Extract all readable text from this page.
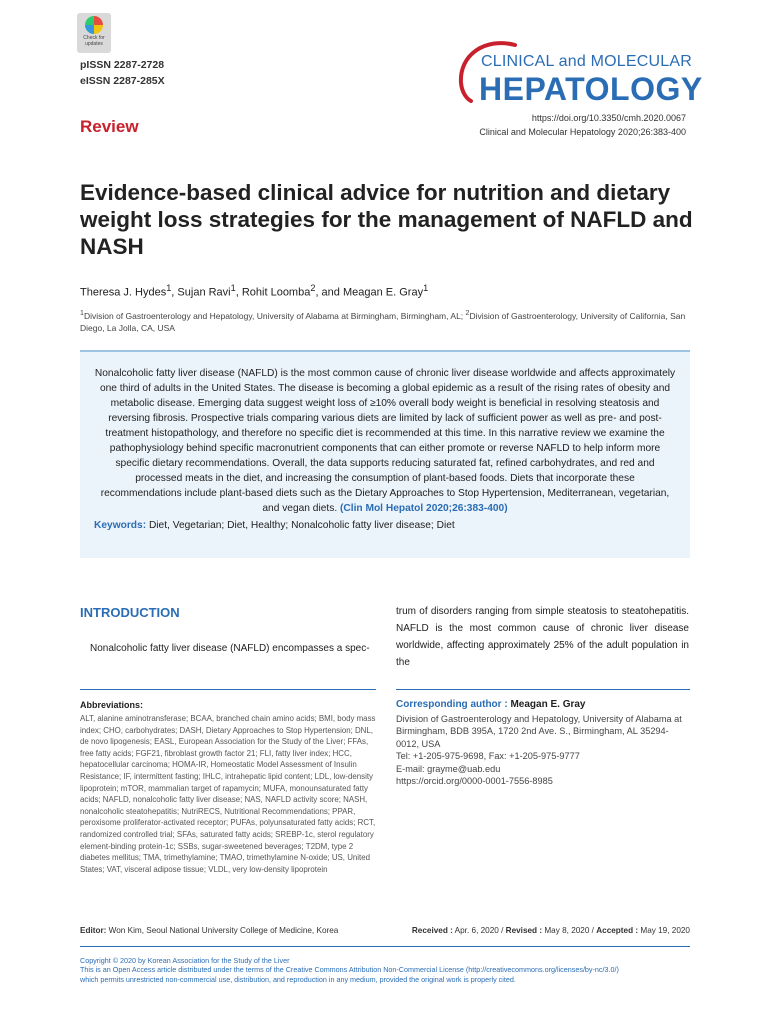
Check for
updates
pISSN 2287-2728
eISSN 2287-285X
Review
CLINICAL and MOLECULAR
HEPATOLOGY
https://doi.org/10.3350/cmh.2020.0067
Clinical and Molecular Hepatology 2020;26:383-400
Evidence-based clinical advice for nutrition and dietary weight loss strategies for the management of NAFLD and NASH
Theresa J. Hydes$^1$, Sujan Ravi$^1$, Rohit Loomba$^2$, and Meagan E. Gray$^1$
$^1$Division of Gastroenterology and Hepatology, University of Alabama at Birmingham, Birmingham, AL; $^2$Division of Gastroenterology, University of California, San Diego, La Jolla, CA, USA
Nonalcoholic fatty liver disease (NAFLD) is the most common cause of chronic liver disease worldwide and affects approximately one third of adults in the United States. The disease is becoming a global epidemic as a result of the rising rates of obesity and metabolic disease. Emerging data suggest weight loss of ≥10% overall body weight is beneficial in resolving steatosis and reversing fibrosis. Prospective trials comparing various diets are limited by lack of sufficient power as well as pre- and post-treatment histopathology, and therefore no specific diet is recommended at this time. In this narrative review we examine the pathophysiology behind specific macronutrient components that can either promote or reverse NAFLD to help inform more specific dietary recommendations. Overall, the data supports reducing saturated fat, refined carbohydrates, and red and processed meats in the diet, and increasing the consumption of plant-based foods. Diets that incorporate these recommendations include plant-based diets such as the Dietary Approaches to Stop Hypertension, Mediterranean, vegetarian, and vegan diets. (Clin Mol Hepatol 2020;26:383-400)
Keywords: Diet, Vegetarian; Diet, Healthy; Nonalcoholic fatty liver disease; Diet
INTRODUCTION
Nonalcoholic fatty liver disease (NAFLD) encompasses a spec-
trum of disorders ranging from simple steatosis to steatohepatitis. NAFLD is the most common cause of chronic liver disease worldwide, affecting approximately 25% of the adult population in the
Abbreviations:
ALT, alanine aminotransferase; BCAA, branched chain amino acids; BMI, body mass index; CHO, carbohydrates; DASH, Dietary Approaches to Stop Hypertension; DNL, de novo lipogenesis; EASL, European Association for the Study of the Liver; FFAs, free fatty acids; FGF21, fibroblast growth factor 21; FLI, fatty liver index; HCC, hepatocellular carcinoma; HOMA-IR, Homeostatic Model Assessment of Insulin Resistance; IF, intermittent fasting; IHLC, intrahepatic lipid content; LDL, low-density lipoprotein; mTOR, mammalian target of rapamycin; MUFA, monounsaturated fatty acids; NAFLD, nonalcoholic fatty liver disease; NAS, NAFLD activity score; NASH, nonalcoholic steatohepatitis; NutriRECS, Nutritional Recommendations; PPAR, peroxisome proliferator-activated receptor; PUFAs, polyunsaturated fatty acids; RCT, randomized controlled trial; SFAs, saturated fatty acids; SREBP-1c, sterol regulatory element-binding protein-1c; SSBs, sugar-sweetened beverages; T2DM, type 2 diabetes mellitus; TMA, trimethylamine; TMAO, trimethylamine N-oxide; US, United States; VAT, visceral adipose tissue; VLDL, very low-density lipoprotein
Corresponding author : Meagan E. Gray
Division of Gastroenterology and Hepatology, University of Alabama at Birmingham, BDB 395A, 1720 2nd Ave. S., Birmingham, AL 35294-0012, USA
Tel: +1-205-975-9698, Fax: +1-205-975-9777
E-mail: grayme@uab.edu
https://orcid.org/0000-0001-7556-8985
Editor: Won Kim, Seoul National University College of Medicine, Korea	Received : Apr. 6, 2020 / Revised : May 8, 2020 / Accepted : May 19, 2020
Copyright © 2020 by Korean Association for the Study of the Liver
This is an Open Access article distributed under the terms of the Creative Commons Attribution Non-Commercial License (http://creativecommons.org/licenses/by-nc/3.0/)
which permits unrestricted non-commercial use, distribution, and reproduction in any medium, provided the original work is properly cited.
